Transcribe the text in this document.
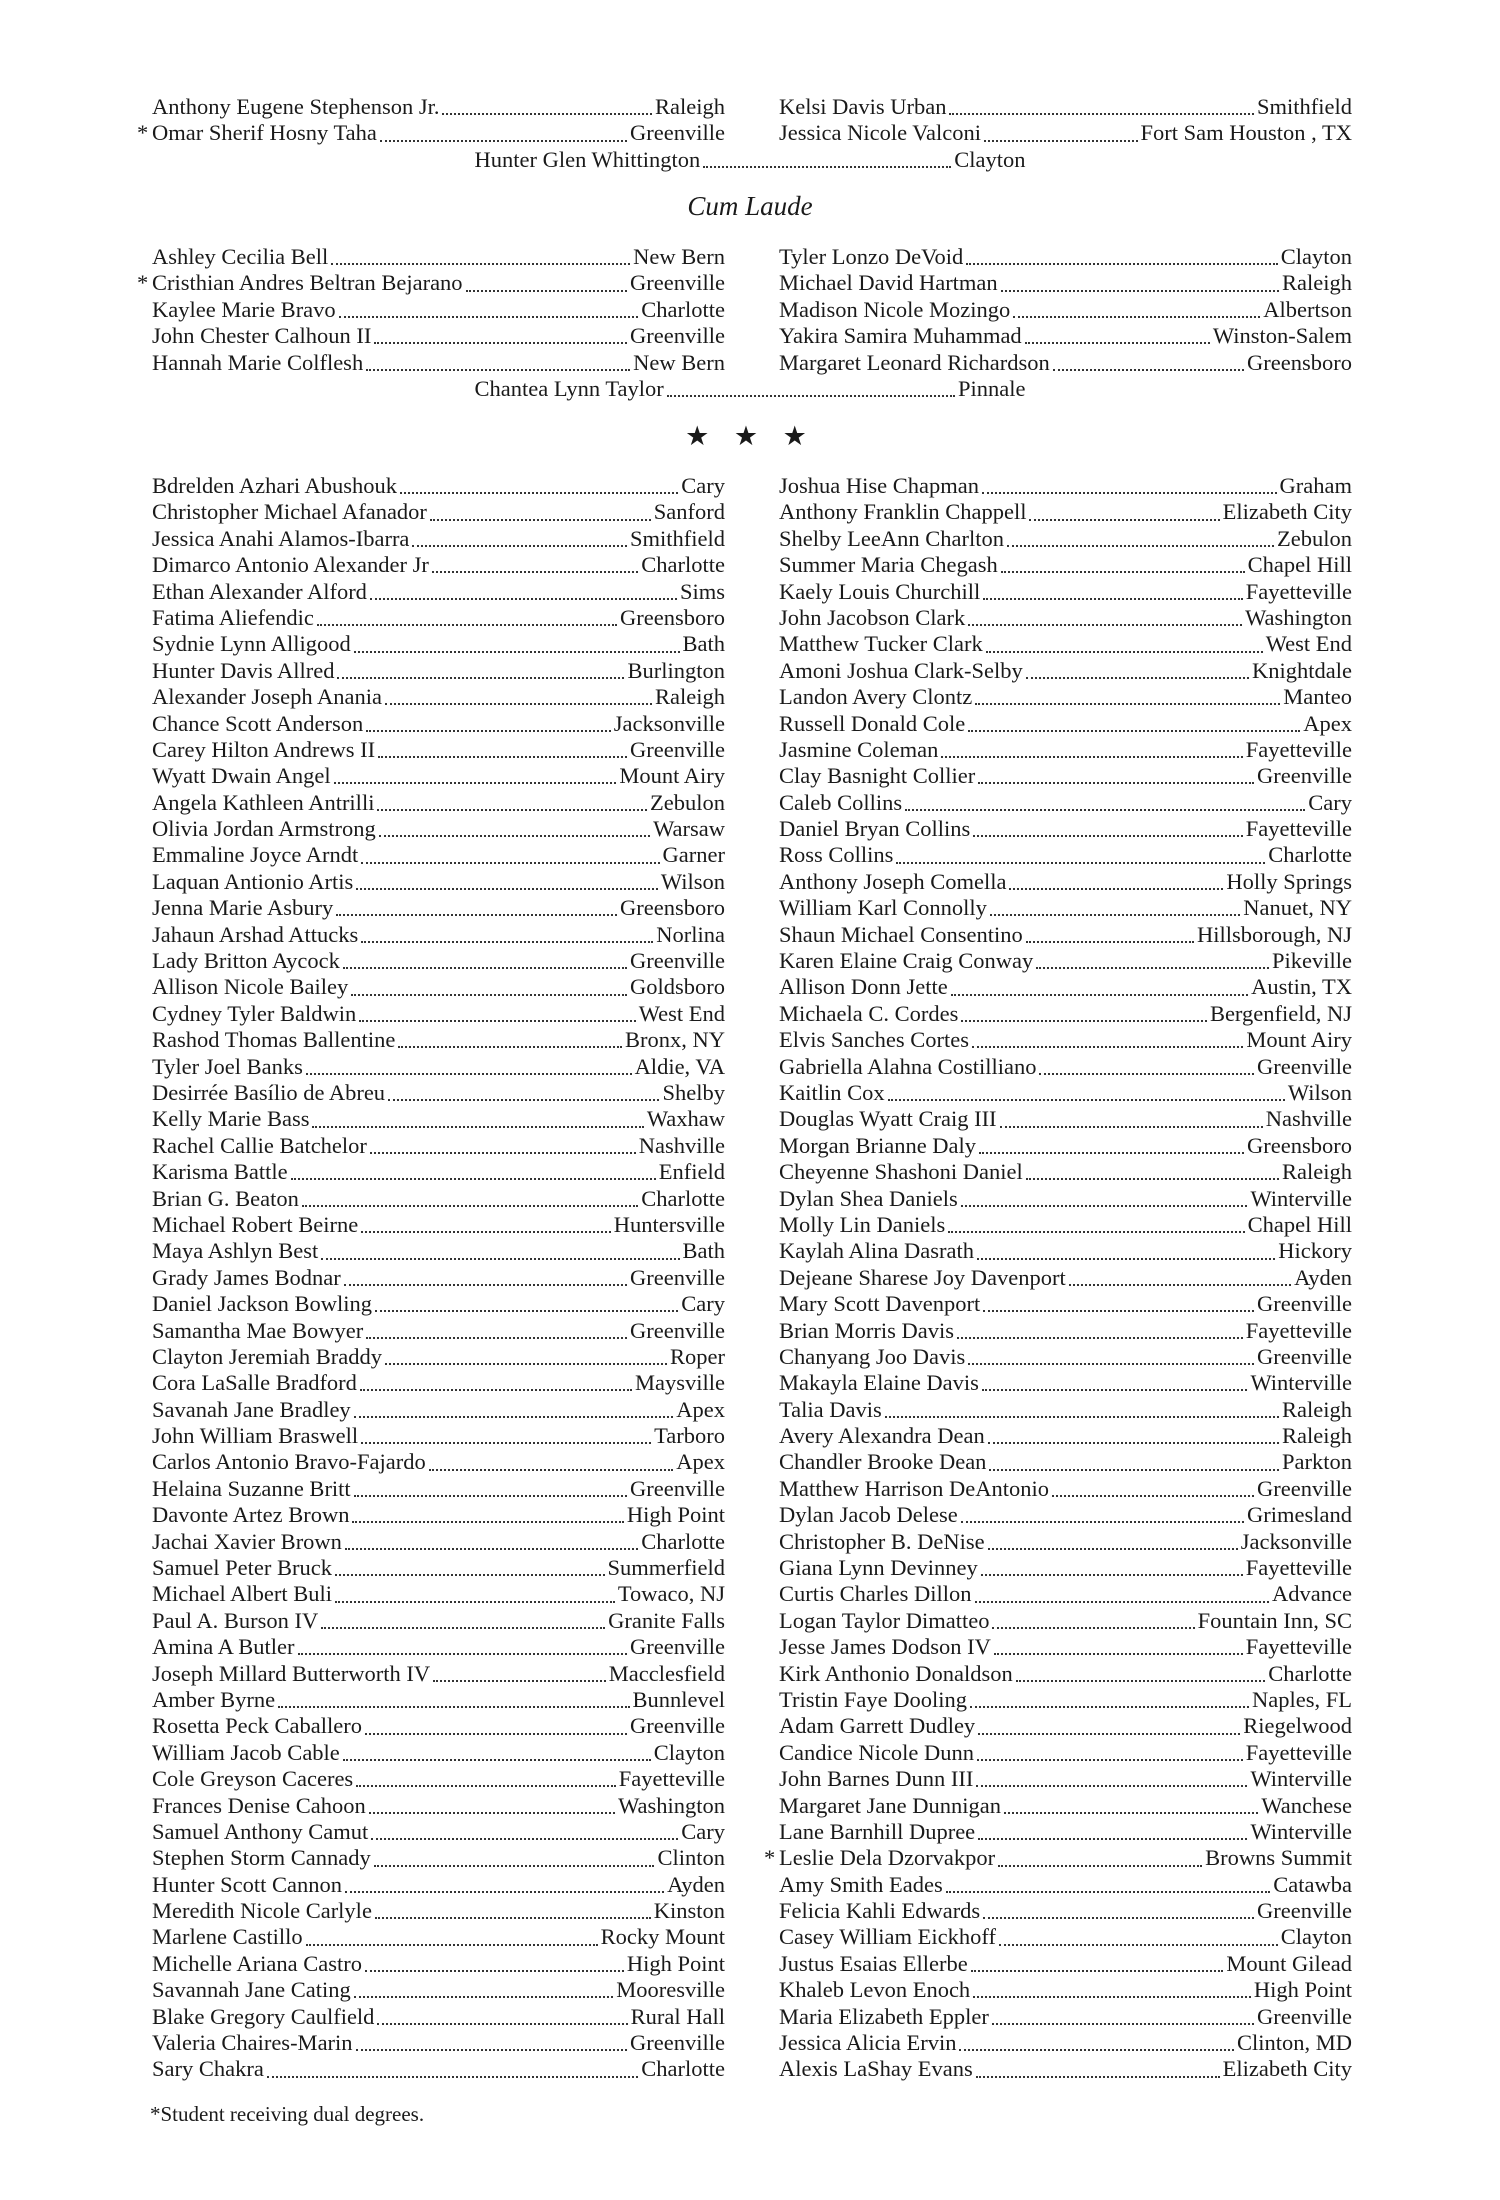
Anthony Eugene Stephenson Jr.	Raleigh
* Omar Sherif Hosny Taha	Greenville
Kelsi Davis Urban	Smithfield
Jessica Nicole Valconi	Fort Sam Houston , TX
Hunter Glen Whittington	Clayton
Cum Laude
Ashley Cecilia Bell	New Bern
* Cristhian Andres Beltran Bejarano	Greenville
Kaylee Marie Bravo	Charlotte
John Chester Calhoun II	Greenville
Hannah Marie Colflesh	New Bern
Tyler Lonzo DeVoid	Clayton
Michael David Hartman	Raleigh
Madison Nicole Mozingo	Albertson
Yakira Samira Muhammad	Winston-Salem
Margaret Leonard Richardson	Greensboro
Chantea Lynn Taylor	Pinnale
★ ★ ★
Bdrelden Azhari Abushouk	Cary
Christopher Michael Afanador	Sanford
Jessica Anahi Alamos-Ibarra	Smithfield
Dimarco Antonio Alexander Jr	Charlotte
Ethan Alexander Alford	Sims
Fatima Aliefendic	Greensboro
Sydnie Lynn Alligood	Bath
Hunter Davis Allred	Burlington
Alexander Joseph Anania	Raleigh
Chance Scott Anderson	Jacksonville
Carey Hilton Andrews II	Greenville
Wyatt Dwain Angel	Mount Airy
Angela Kathleen Antrilli	Zebulon
Olivia Jordan Armstrong	Warsaw
Emmaline Joyce Arndt	Garner
Laquan Antionio Artis	Wilson
Jenna Marie Asbury	Greensboro
Jahaun Arshad Attucks	Norlina
Lady Britton Aycock	Greenville
Allison Nicole Bailey	Goldsboro
Cydney Tyler Baldwin	West End
Rashod Thomas Ballentine	Bronx, NY
Tyler Joel Banks	Aldie, VA
Desirrée Basílio de Abreu	Shelby
Kelly Marie Bass	Waxhaw
Rachel Callie Batchelor	Nashville
Karisma Battle	Enfield
Brian G. Beaton	Charlotte
Michael Robert Beirne	Huntersville
Maya Ashlyn Best	Bath
Grady James Bodnar	Greenville
Daniel Jackson Bowling	Cary
Samantha Mae Bowyer	Greenville
Clayton Jeremiah Braddy	Roper
Cora LaSalle Bradford	Maysville
Savanah Jane Bradley	Apex
John William Braswell	Tarboro
Carlos Antonio Bravo-Fajardo	Apex
Helaina Suzanne Britt	Greenville
Davonte Artez Brown	High Point
Jachai Xavier Brown	Charlotte
Samuel Peter Bruck	Summerfield
Michael Albert Buli	Towaco, NJ
Paul A. Burson IV	Granite Falls
Amina A Butler	Greenville
Joseph Millard Butterworth IV	Macclesfield
Amber Byrne	Bunnlevel
Rosetta Peck Caballero	Greenville
William Jacob Cable	Clayton
Cole Greyson Caceres	Fayetteville
Frances Denise Cahoon	Washington
Samuel Anthony Camut	Cary
Stephen Storm Cannady	Clinton
Hunter Scott Cannon	Ayden
Meredith Nicole Carlyle	Kinston
Marlene Castillo	Rocky Mount
Michelle Ariana Castro	High Point
Savannah Jane Cating	Mooresville
Blake Gregory Caulfield	Rural Hall
Valeria Chaires-Marin	Greenville
Sary Chakra	Charlotte
Joshua Hise Chapman	Graham
Anthony Franklin Chappell	Elizabeth City
Shelby LeeAnn Charlton	Zebulon
Summer Maria Chegash	Chapel Hill
Kaely Louis Churchill	Fayetteville
John Jacobson Clark	Washington
Matthew Tucker Clark	West End
Amoni Joshua Clark-Selby	Knightdale
Landon Avery Clontz	Manteo
Russell Donald Cole	Apex
Jasmine Coleman	Fayetteville
Clay Basnight Collier	Greenville
Caleb Collins	Cary
Daniel Bryan Collins	Fayetteville
Ross Collins	Charlotte
Anthony Joseph Comella	Holly Springs
William Karl Connolly	Nanuet, NY
Shaun Michael Consentino	Hillsborough, NJ
Karen Elaine Craig Conway	Pikeville
Allison Donn Jette	Austin, TX
Michaela C. Cordes	Bergenfield, NJ
Elvis Sanches Cortes	Mount Airy
Gabriella Alahna Costilliano	Greenville
Kaitlin Cox	Wilson
Douglas Wyatt Craig III	Nashville
Morgan Brianne Daly	Greensboro
Cheyenne Shashoni Daniel	Raleigh
Dylan Shea Daniels	Winterville
Molly Lin Daniels	Chapel Hill
Kaylah Alina Dasrath	Hickory
Dejeane Sharese Joy Davenport	Ayden
Mary Scott Davenport	Greenville
Brian Morris Davis	Fayetteville
Chanyang Joo Davis	Greenville
Makayla Elaine Davis	Winterville
Talia Davis	Raleigh
Avery Alexandra Dean	Raleigh
Chandler Brooke Dean	Parkton
Matthew Harrison DeAntonio	Greenville
Dylan Jacob Delese	Grimesland
Christopher B. DeNise	Jacksonville
Giana Lynn Devinney	Fayetteville
Curtis Charles Dillon	Advance
Logan Taylor Dimatteo	Fountain Inn, SC
Jesse James Dodson IV	Fayetteville
Kirk Anthonio Donaldson	Charlotte
Tristin Faye Dooling	Naples, FL
Adam Garrett Dudley	Riegelwood
Candice Nicole Dunn	Fayetteville
John Barnes Dunn III	Winterville
Margaret Jane Dunnigan	Wanchese
Lane Barnhill Dupree	Winterville
* Leslie Dela Dzorvakpor	Browns Summit
Amy Smith Eades	Catawba
Felicia Kahli Edwards	Greenville
Casey William Eickhoff	Clayton
Justus Esaias Ellerbe	Mount Gilead
Khaleb Levon Enoch	High Point
Maria Elizabeth Eppler	Greenville
Jessica Alicia Ervin	Clinton, MD
Alexis LaShay Evans	Elizabeth City
*Student receiving dual degrees.
